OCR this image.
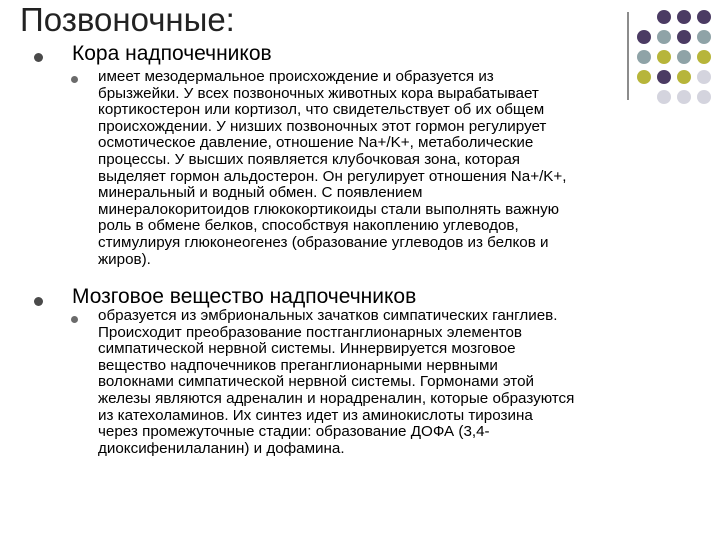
Позвоночные:
Кора надпочечников
имеет мезодермальное происхождение и образуется из
брызжейки. У всех позвоночных животных кора вырабатывает
кортикостерон или кортизол, что свидетельствует об их общем
происхождении. У низших позвоночных этот гормон регулирует
осмотическое давление, отношение Na+/K+, метаболические
процессы. У высших появляется клубочковая зона, которая
выделяет гормон альдостерон. Он регулирует отношения Na+/K+,
минеральный и водный обмен. С появлением
минералокоритоидов глюкокортикоиды стали выполнять важную
роль в обмене белков, способствуя накоплению углеводов,
стимулируя глюконеогенез (образование углеводов из белков и
жиров).
Мозговое вещество надпочечников
образуется из эмбриональных зачатков симпатических ганглиев.
Происходит преобразование постганглионарных элементов
симпатической нервной системы. Иннервируется мозговое
вещество надпочечников преганглионарными нервными
волокнами симпатической нервной системы. Гормонами этой
железы являются адреналин и норадреналин, которые образуются
из катехоламинов. Их синтез идет из аминокислоты тирозина
через промежуточные стадии: образование ДОФА (3,4-
диоксифенилаланин) и дофамина.
